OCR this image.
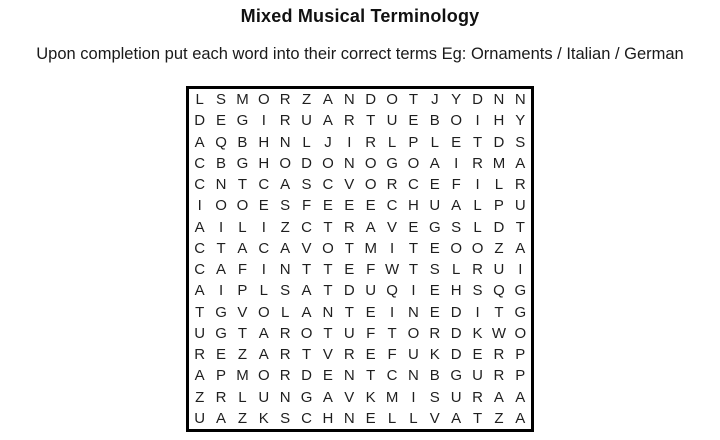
Mixed Musical Terminology
Upon completion put each word into their correct terms Eg: Ornaments / Italian / German
L S M O R Z A N D O T J Y D N N
D E G I R U A R T U E B O I H Y
A Q B H N L J	I R L P L E T D S
C B G H O D O N O G O A I R M A
C N T C A S C V O R C E F I	L R
I O O E S F E E E C H U A L P U
A I	L	I Z C T R A V E G S L D T
C T A C A V O T M I T E O O Z A
C A F I N T T E F W T S L R U I
A I P L S A T D U Q I E H S Q G
T G V O L A N T E I N E D I T G
U G T A R O T U F T O R D K W O
R E Z A R T V R E F U K D E R P
A P M O R D E N T C N B G U R P
Z R L U N G A V K M I S U R A A
U A Z K S C H N E L L V A T Z A
